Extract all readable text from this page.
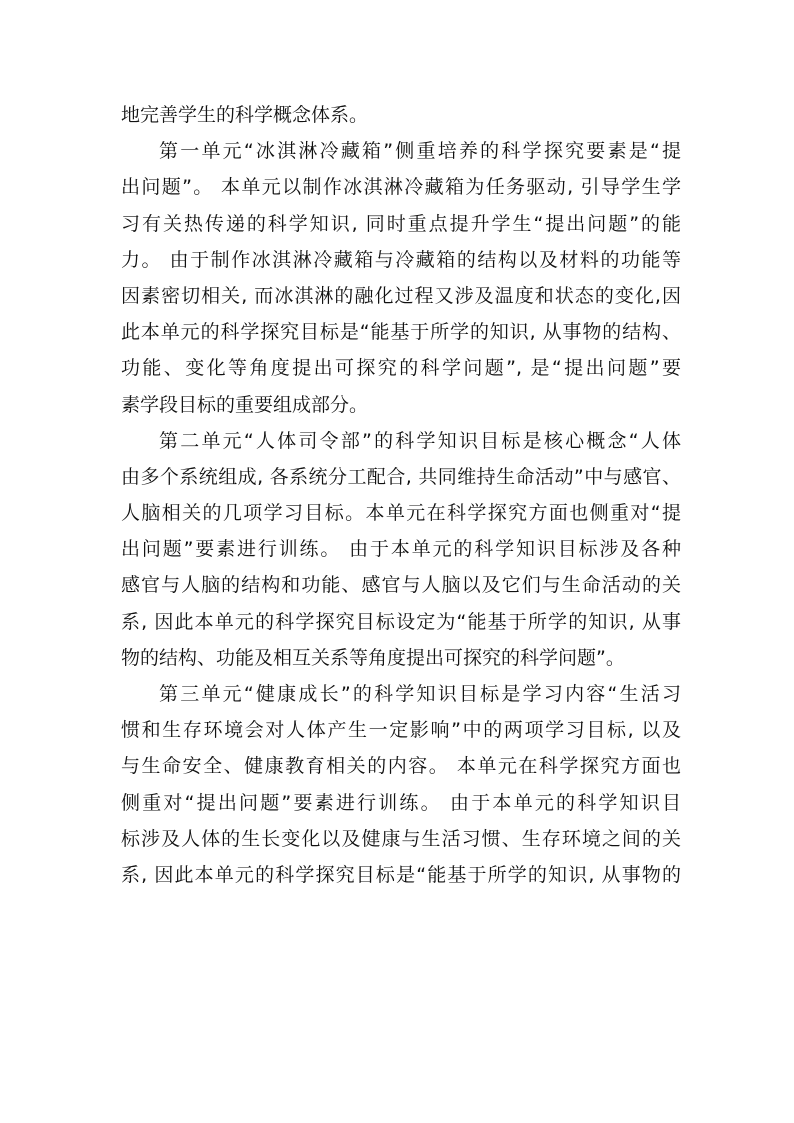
地完善学生的科学概念体系。
第一单元“冰淇淋冷藏箱”侧重培养的科学探究要素是“提
出问题”。 本单元以制作冰淇淋冷藏箱为任务驱动, 引导学生学
习有关热传递的科学知识, 同时重点提升学生“提出问题”的能
力。 由于制作冰淇淋冷藏箱与冷藏箱的结构以及材料的功能等
因素密切相关, 而冰淇淋的融化过程又涉及温度和状态的变化,因
此本单元的科学探究目标是“能基于所学的知识, 从事物的结构、
功能、变化等角度提出可探究的科学问题”, 是“提出问题”要
素学段目标的重要组成部分。
第二单元“人体司令部”的科学知识目标是核心概念“人体
由多个系统组成, 各系统分工配合, 共同维持生命活动”中与感官、
人脑相关的几项学习目标。本单元在科学探究方面也侧重对“提
出问题”要素进行训练。 由于本单元的科学知识目标涉及各种
感官与人脑的结构和功能、感官与人脑以及它们与生命活动的关
系, 因此本单元的科学探究目标设定为“能基于所学的知识, 从事
物的结构、功能及相互关系等角度提出可探究的科学问题”。
第三单元“健康成长”的科学知识目标是学习内容“生活习
惯和生存环境会对人体产生一定影响”中的两项学习目标, 以及
与生命安全、健康教育相关的内容。 本单元在科学探究方面也
侧重对“提出问题”要素进行训练。 由于本单元的科学知识目
标涉及人体的生长变化以及健康与生活习惯、生存环境之间的关
系, 因此本单元的科学探究目标是“能基于所学的知识, 从事物的
